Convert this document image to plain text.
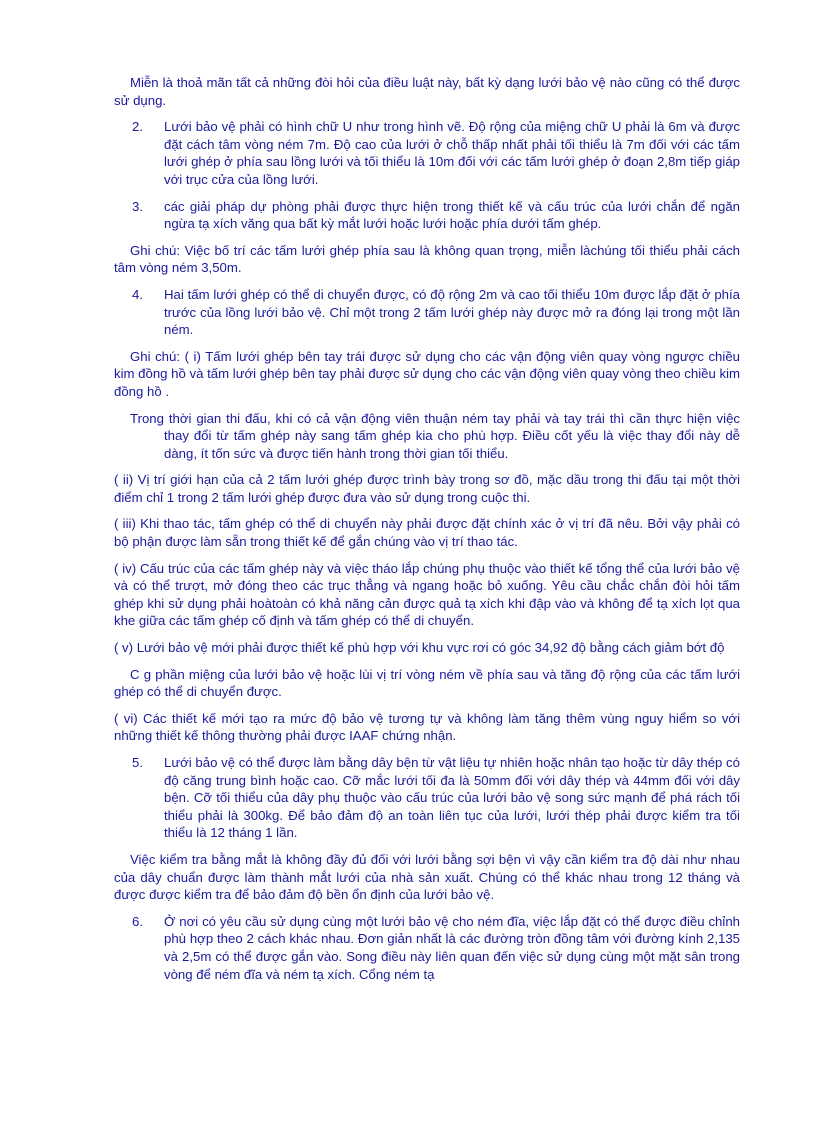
Miễn là thoả mãn tất cả những đòi hỏi của điều luật này, bất kỳ dạng lưới bảo vệ nào cũng có thể được sử dụng.

2. Lưới bảo vệ phải có hình chữ U như trong hình vẽ. Độ rộng của miệng chữ U phải là 6m và được đặt cách tâm vòng ném 7m. Độ cao của lưới ở chỗ thấp nhất phải tối thiểu là 7m đối với các tấm lưới ghép ở phía sau lồng lưới và tối thiểu là 10m đối với các tấm lưới ghép ở đoạn 2,8m tiếp giáp với trục cửa của lồng lưới.

3. các giải pháp dự phòng phải được thực hiện trong thiết kế và cấu trúc của lưới chắn để ngăn ngừa tạ xích văng qua bất kỳ mắt lưới hoặc lưới hoặc phía dưới tấm ghép.

Ghi chú: Việc bố trí các tấm lưới ghép phía sau là không quan trọng, miễn làchúng tối thiểu phải cách tâm vòng ném 3,50m.

4. Hai tấm lưới ghép có thể di chuyển được, có độ rộng 2m và cao tối thiểu 10m được lắp đặt ở phía trước của lồng lưới bảo vệ. Chỉ một trong 2 tấm lưới ghép này được mở ra đóng lại trong một lần ném.

Ghi chú: ( i) Tấm lưới ghép bên tay trái được sử dụng cho các vận động viên quay vòng ngược chiều kim đồng hồ và tấm lưới ghép bên tay phải được sử dụng cho các vận động viên quay vòng theo chiều kim đồng hồ .

Trong thời gian thi đấu, khi có cả vận động viên thuận ném tay phải và tay trái thì cần thực hiện việc thay đổi từ tấm ghép này sang tấm ghép kia cho phù hợp. Điều cốt yếu là việc thay đổi này dễ dàng, ít tốn sức và được tiến hành trong thời gian tối thiểu.

( ii) Vị trí giới hạn của cả 2 tấm lưới ghép được trình bày trong sơ đồ, mặc dầu trong thi đấu tại một thời điểm chỉ 1 trong 2 tấm lưới ghép được đưa vào sử dụng trong cuộc thi.

( iii) Khi thao tác, tấm ghép có thể di chuyển này phải được đặt chính xác ở vị trí đã nêu. Bởi vậy phải có bộ phận được làm sẵn trong thiết kế để gắn chúng vào vị trí thao tác.

( iv) Cấu trúc của các tấm ghép này và việc tháo lắp chúng phụ thuộc vào thiết kế tổng thể của lưới bảo vệ và có thể trượt, mở đóng theo các trục thẳng và ngang hoặc bỏ xuống. Yêu cầu chắc chắn đòi hỏi tấm ghép khi sử dụng phải hoàtoàn có khả năng cản được quả tạ xích khi đập vào và không để tạ xích lọt qua khe giữa các tấm ghép cố định và tấm ghép có thể di chuyển.

( v) Lưới bảo vệ mới phải được thiết kế phù hợp với khu vực rơi có góc 34,92 độ bằng cách giảm bớt độ

C g phần miệng của lưới bảo vệ hoặc lùi vị trí vòng ném về phía sau và tăng độ rộng của các tấm lưới ghép có thể di chuyển được.

( vi) Các thiết kế mới tạo ra mức độ bảo vệ tương tự và không làm tăng thêm vùng nguy hiểm so với những thiết kế thông thường phải được IAAF chứng nhận.

5. Lưới bảo vệ có thể được làm bằng dây bện từ vật liệu tự nhiên hoặc nhân tạo hoặc từ dây thép có độ căng trung bình hoặc cao. Cỡ mắc lưới tối đa là 50mm đối với dây thép và 44mm đối với dây bện. Cỡ tối thiểu của dây phụ thuộc vào cấu trúc của lưới bảo vệ song sức mạnh để phá rách tối thiểu phải là 300kg. Để bảo đảm độ an toàn liên tục của lưới, lưới thép phải được kiểm tra tối thiểu là 12 tháng 1 lần.

Việc kiểm tra bằng mắt là không đầy đủ đối với lưới bằng sợi bện vì vậy cần kiểm tra độ dài như nhau của dây chuẩn được làm thành mắt lưới của nhà sản xuất. Chúng có thể khác nhau trong 12 tháng và được được kiểm tra để bảo đảm độ bền ổn định của lưới bảo vệ.

6. Ở nơi có yêu cầu sử dụng cùng một lưới bảo vệ cho ném đĩa, việc lắp đặt có thể được điều chỉnh phù hợp theo 2 cách khác nhau. Đơn giản nhất là các đường tròn đồng tâm với đường kính 2,135 và 2,5m có thể được gắn vào. Song điều này liên quan đến việc sử dụng cùng một mặt sân trong vòng để ném đĩa và ném tạ xích. Cổng ném tạ
